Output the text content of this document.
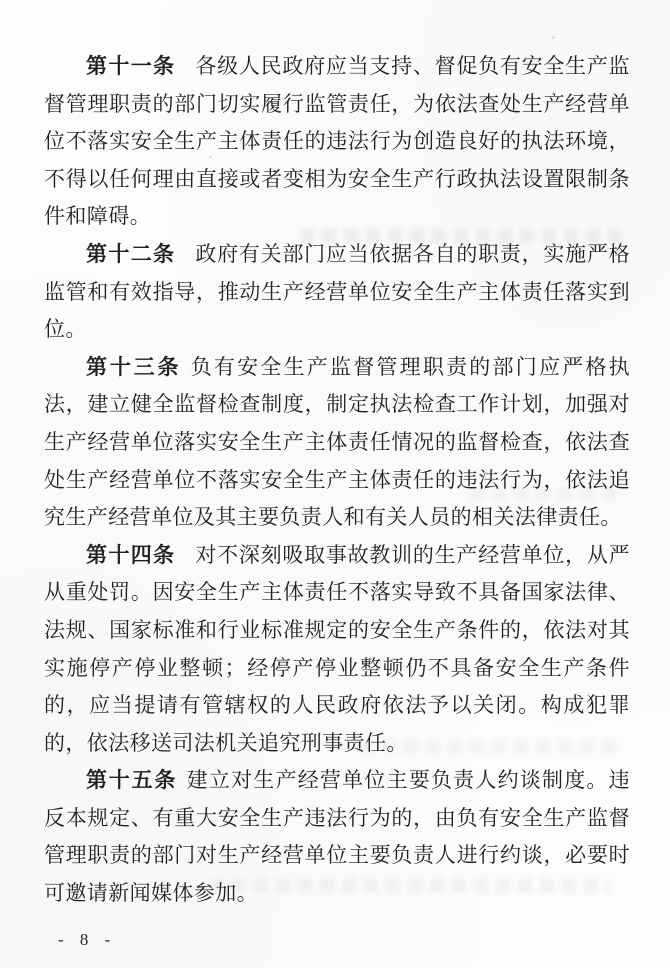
第十一条 各级人民政府应当支持、督促负有安全生产监督管理职责的部门切实履行监管责任，为依法查处生产经营单位不落实安全生产主体责任的违法行为创造良好的执法环境，不得以任何理由直接或者变相为安全生产行政执法设置限制条件和障碍。

第十二条 政府有关部门应当依据各自的职责，实施严格监管和有效指导，推动生产经营单位安全生产主体责任落实到位。

第十三条 负有安全生产监督管理职责的部门应严格执法，建立健全监督检查制度，制定执法检查工作计划，加强对生产经营单位落实安全生产主体责任情况的监督检查，依法查处生产经营单位不落实安全生产主体责任的违法行为，依法追究生产经营单位及其主要负责人和有关人员的相关法律责任。

第十四条 对不深刻吸取事故教训的生产经营单位，从严从重处罚。因安全生产主体责任不落实导致不具备国家法律、法规、国家标准和行业标准规定的安全生产条件的，依法对其实施停产停业整顿；经停产停业整顿仍不具备安全生产条件的，应当提请有管辖权的人民政府依法予以关闭。构成犯罪的，依法移送司法机关追究刑事责任。

第十五条 建立对生产经营单位主要负责人约谈制度。违反本规定、有重大安全生产违法行为的，由负有安全生产监督管理职责的部门对生产经营单位主要负责人进行约谈，必要时可邀请新闻媒体参加。

- 8 -
